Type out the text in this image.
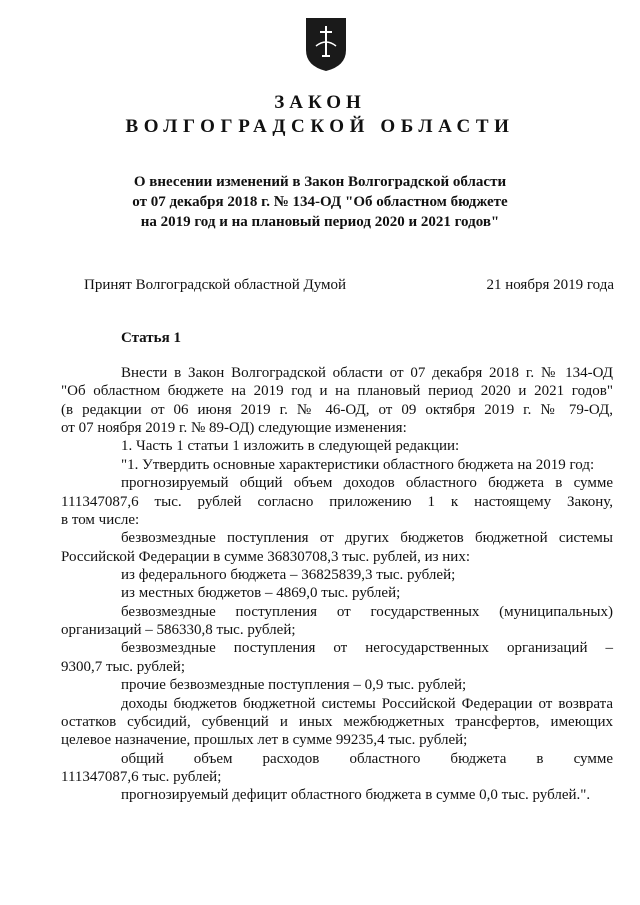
ЗАКОН
ВОЛГОГРАДСКОЙ ОБЛАСТИ
О внесении изменений в Закон Волгоградской области
от 07 декабря 2018 г. № 134-ОД "Об областном бюджете
на 2019 год и на плановый период 2020 и 2021 годов"
Принят Волгоградской областной Думой	21 ноября 2019 года
Статья 1
Внести в Закон Волгоградской области от 07 декабря 2018 г. № 134-ОД
"Об областном бюджете на 2019 год и на плановый период 2020 и 2021 годов"
(в редакции от 06 июня 2019 г. № 46-ОД, от 09 октября 2019 г. № 79-ОД,
от 07 ноября 2019 г. № 89-ОД) следующие изменения:
1. Часть 1 статьи 1 изложить в следующей редакции:
"1. Утвердить основные характеристики областного бюджета на 2019 год:
прогнозируемый общий объем доходов областного бюджета в сумме
111347087,6 тыс. рублей согласно приложению 1 к настоящему Закону,
в том числе:
безвозмездные поступления от других бюджетов бюджетной системы
Российской Федерации в сумме 36830708,3 тыс. рублей, из них:
из федерального бюджета – 36825839,3 тыс. рублей;
из местных бюджетов – 4869,0 тыс. рублей;
безвозмездные поступления от государственных (муниципальных)
организаций – 586330,8 тыс. рублей;
безвозмездные поступления от негосударственных организаций –
9300,7 тыс. рублей;
прочие безвозмездные поступления – 0,9 тыс. рублей;
доходы бюджетов бюджетной системы Российской Федерации от возврата
остатков субсидий, субвенций и иных межбюджетных трансфертов, имеющих
целевое назначение, прошлых лет в сумме 99235,4 тыс. рублей;
общий объем расходов областного бюджета в сумме
111347087,6 тыс. рублей;
прогнозируемый дефицит областного бюджета в сумме 0,0 тыс. рублей.".
